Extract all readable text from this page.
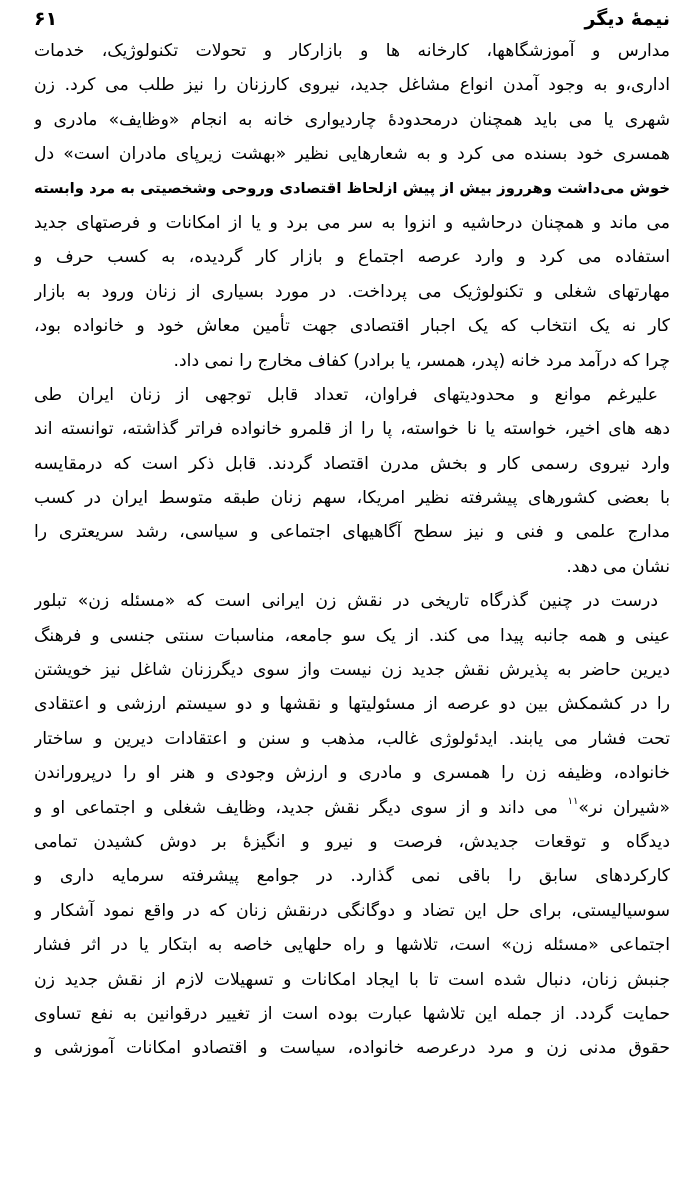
نیمهٔ دیگر
۶۱
مدارس و آموزشگاهها، کارخانه ها و بازارکار و تحولات تکنولوژیک، خدمات
اداری،و به وجود آمدن انواع مشاغل جدید، نیروی کارزنان را نیز طلب می کرد. زن
شهری یا می باید همچنان درمحدودهٔ چاردیواری خانه به انجام «وظایف» مادری و
همسری خود بسنده می کرد و به شعارهایی نظیر «بهشت زیرپای مادران است» دل
خوش می‌داشت وهرروز بیش از پیش ازلحاظ اقتصادی وروحی وشخصیتی به مرد وابسته
می ماند و همچنان درحاشیه و انزوا به سر می برد و یا از امکانات و فرصتهای جدید
استفاده می کرد و وارد عرصه اجتماع و بازار کار گردیده، به کسب حرف و
مهارتهای شغلی و تکنولوژیک می پرداخت. در مورد بسیاری از زنان ورود به بازار
کار نه یک انتخاب که یک اجبار اقتصادی جهت تأمین معاش خود و خانواده بود،
چرا که درآمد مرد خانه (پدر، همسر، یا برادر) کفاف مخارج را نمی داد.
علیرغم موانع و محدودیتهای فراوان، تعداد قابل توجهی از زنان ایران طی
دهه های اخیر، خواسته یا نا خواسته، پا را از قلمرو خانواده فراتر گذاشته، توانسته اند
وارد نیروی رسمی کار و بخش مدرن اقتصاد گردند. قابل ذکر است که درمقایسه
با بعضی کشورهای پیشرفته نظیر امریکا، سهم زنان طبقه متوسط ایران در کسب
مدارج علمی و فنی و نیز سطح آگاهیهای اجتماعی و سیاسی، رشد سریعتری را
نشان می دهد.
درست در چنین گذرگاه تاریخی در نقش زن ایرانی است که «مسئله زن» تبلور
عینی و همه جانبه پیدا می کند. از یک سو جامعه، مناسبات سنتی جنسی و فرهنگ
دیرین حاضر به پذیرش نقش جدید زن نیست واز سوی دیگرزنان شاغل نیز خویشتن
را در کشمکش بین دو عرصه از مسئولیتها و نقشها و دو سیستم ارزشی و اعتقادی
تحت فشار می یابند. ایدئولوژی غالب، مذهب و سنن و اعتقادات دیرین و ساختار
خانواده، وظیفه زن را همسری و مادری و ارزش وجودی و هنر او را درپروراندن
«شیران نر»$^{۱۱}$ می داند و از سوی دیگر نقش جدید، وظایف شغلی و اجتماعی او و
دیدگاه و توقعات جدیدش، فرصت و نیرو و انگیزهٔ بر دوش کشیدن تمامی
کارکردهای سابق را باقی نمی گذارد. در جوامع پیشرفته سرمایه داری و
سوسیالیستی، برای حل این تضاد و دوگانگی درنقش زنان که در واقع نمود آشکار و
اجتماعی «مسئله زن» است، تلاشها و راه حلهایی خاصه به ابتکار یا در اثر فشار
جنبش زنان، دنبال شده است تا با ایجاد امکانات و تسهیلات لازم از نقش جدید زن
حمایت گردد. از جمله این تلاشها عبارت بوده است از تغییر درقوانین به نفع تساوی
حقوق مدنی زن و مرد درعرصه خانواده، سیاست و اقتصادو امکانات آموزشی و
